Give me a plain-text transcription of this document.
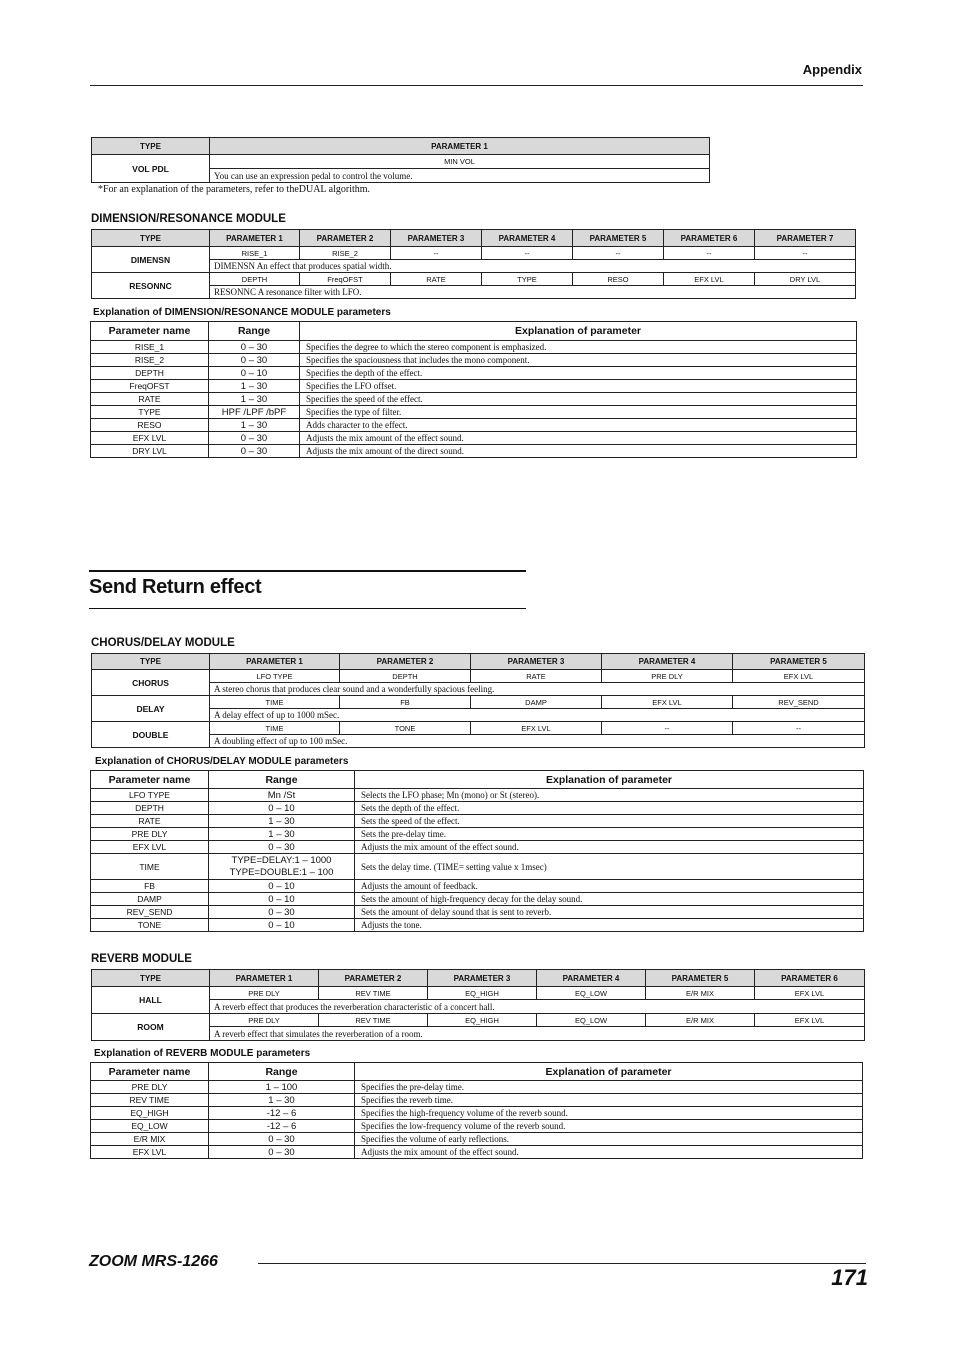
Appendix
TYPE	PARAMETER 1
VOL PDL	MIN VOL
	You can use an expression pedal to control the volume.
*For an explanation of the parameters, refer to theDUAL algorithm.
DIMENSION/RESONANCE MODULE
TYPE	PARAMETER 1	PARAMETER 2	PARAMETER 3	PARAMETER 4	PARAMETER 5	PARAMETER 6	PARAMETER 7
DIMENSN	RISE_1	RISE_2	--	--	--	--	--
	DIMENSN An effect that produces spatial width.						
RESONNC	DEPTH	FreqOFST	RATE	TYPE	RESO	EFX LVL	DRY LVL
	RESONNC A resonance filter with LFO.						
Explanation of DIMENSION/RESONANCE MODULE parameters
Parameter name	Range	Explanation of parameter
RISE_1	0 – 30	Specifies the degree to which the stereo component is emphasized.
RISE_2	0 – 30	Specifies the spaciousness that includes the mono component.
DEPTH	0 – 10	Specifies the depth of the effect.
FreqOFST	1 – 30	Specifies the LFO offset.
RATE	1 – 30	Specifies the speed of the effect.
TYPE	HPF /LPF /bPF	Specifies the type of filter.
RESO	1 – 30	Adds character to the effect.
EFX LVL	0 – 30	Adjusts the mix amount of the effect sound.
DRY LVL	0 – 30	Adjusts the mix amount of the direct sound.
Send Return effect
CHORUS/DELAY MODULE
TYPE	PARAMETER 1	PARAMETER 2	PARAMETER 3	PARAMETER 4	PARAMETER 5
CHORUS	LFO TYPE	DEPTH	RATE	PRE DLY	EFX LVL
	A stereo chorus that produces clear sound and a wonderfully spacious feeling.				
DELAY	TIME	FB	DAMP	EFX LVL	REV_SEND
	A delay effect of up to 1000 mSec.				
DOUBLE	TIME	TONE	EFX LVL	--	--
	A doubling effect of up to 100 mSec.				
Explanation of CHORUS/DELAY MODULE parameters
Parameter name	Range	Explanation of parameter
LFO TYPE	Mn /St	Selects the LFO phase; Mn (mono) or St (stereo).
DEPTH	0 – 10	Sets the depth of the effect.
RATE	1 – 30	Sets the speed of the effect.
PRE DLY	1 – 30	Sets the pre-delay time.
EFX LVL	0 – 30	Adjusts the mix amount of the effect sound.
TIME	TYPE=DELAY:1 – 1000
TYPE=DOUBLE:1 – 100	Sets the delay time. (TIME= setting value x 1msec)
FB	0 – 10	Adjusts the amount of feedback.
DAMP	0 – 10	Sets the amount of high-frequency decay for the delay sound.
REV_SEND	0 – 30	Sets the amount of delay sound that is sent to reverb.
TONE	0 – 10	Adjusts the tone.
REVERB MODULE
TYPE	PARAMETER 1	PARAMETER 2	PARAMETER 3	PARAMETER 4	PARAMETER 5	PARAMETER 6
HALL	PRE DLY	REV TIME	EQ_HIGH	EQ_LOW	E/R MIX	EFX LVL
	A reverb effect that produces the reverberation characteristic of a concert hall.					
ROOM	PRE DLY	REV TIME	EQ_HIGH	EQ_LOW	E/R MIX	EFX LVL
	A reverb effect that simulates the reverberation of a room.					
Explanation of REVERB MODULE parameters
Parameter name	Range	Explanation of parameter
PRE DLY	1 – 100	Specifies the pre-delay time.
REV TIME	1 – 30	Specifies the reverb time.
EQ_HIGH	-12 – 6	Specifies the high-frequency volume of the reverb sound.
EQ_LOW	-12 – 6	Specifies the low-frequency volume of the reverb sound.
E/R MIX	0 – 30	Specifies the volume of early reflections.
EFX LVL	0 – 30	Adjusts the mix amount of the effect sound.
ZOOM MRS-1266
171
